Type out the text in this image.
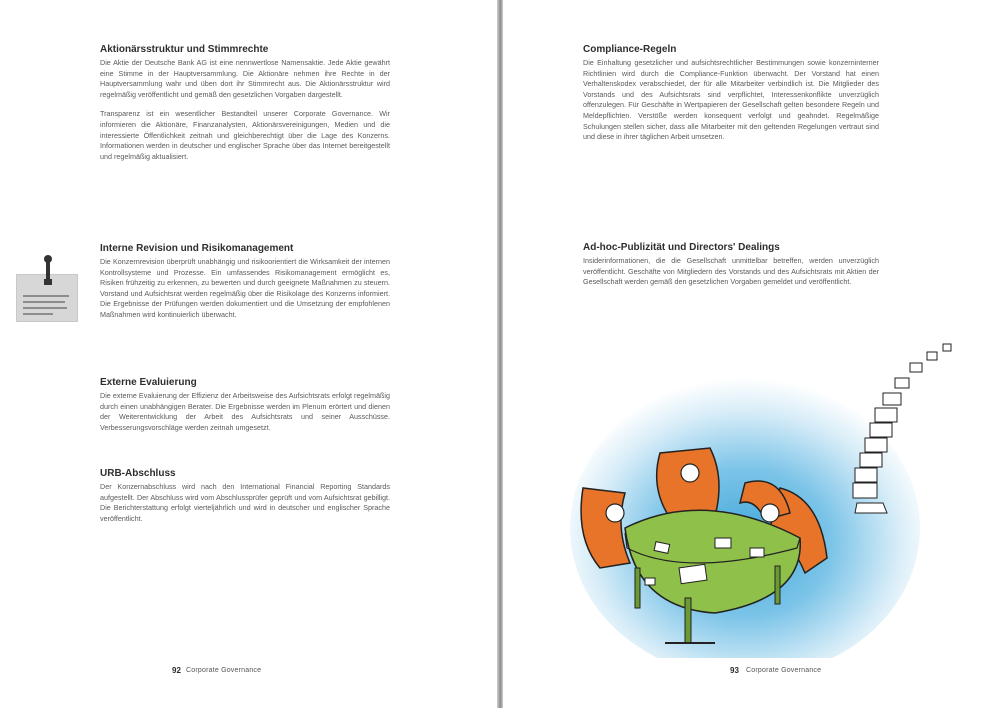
Aktionärsstruktur und Stimmrechte
Die Aktie der Deutsche Bank AG ist eine nennwertlose Namensaktie. Jede Aktie gewährt eine Stimme in der Hauptversammlung. Die Aktionäre nehmen ihre Rechte in der Hauptversammlung wahr und üben dort ihr Stimmrecht aus. Die Aktionärsstruktur wird regelmäßig veröffentlicht und gemäß den gesetzlichen Vorgaben dargestellt.
Transparenz ist ein wesentlicher Bestandteil unserer Corporate Governance. Wir informieren die Aktionäre, Finanzanalysten, Aktionärsvereinigungen, Medien und die interessierte Öffentlichkeit zeitnah und gleichberechtigt über die Lage des Konzerns. Informationen werden in deutscher und englischer Sprache über das Internet bereitgestellt und regelmäßig aktualisiert.
Interne Revision und Risikomanagement
Die Konzernrevision überprüft unabhängig und risikoorientiert die Wirksamkeit der internen Kontrollsysteme und Prozesse. Ein umfassendes Risikomanagement ermöglicht es, Risiken frühzeitig zu erkennen, zu bewerten und durch geeignete Maßnahmen zu steuern. Vorstand und Aufsichtsrat werden regelmäßig über die Risikolage des Konzerns informiert. Die Ergebnisse der Prüfungen werden dokumentiert und die Umsetzung der empfohlenen Maßnahmen wird kontinuierlich überwacht.
Externe Evaluierung
Die externe Evaluierung der Effizienz der Arbeitsweise des Aufsichtsrats erfolgt regelmäßig durch einen unabhängigen Berater. Die Ergebnisse werden im Plenum erörtert und dienen der Weiterentwicklung der Arbeit des Aufsichtsrats und seiner Ausschüsse. Verbesserungsvorschläge werden zeitnah umgesetzt.
URB-Abschluss
Der Konzernabschluss wird nach den International Financial Reporting Standards aufgestellt. Der Abschluss wird vom Abschlussprüfer geprüft und vom Aufsichtsrat gebilligt. Die Berichterstattung erfolgt vierteljährlich und wird in deutscher und englischer Sprache veröffentlicht.
92 Corporate Governance
Compliance-Regeln
Die Einhaltung gesetzlicher und aufsichtsrechtlicher Bestimmungen sowie konzerninterner Richtlinien wird durch die Compliance-Funktion überwacht. Der Vorstand hat einen Verhaltenskodex verabschiedet, der für alle Mitarbeiter verbindlich ist. Die Mitglieder des Vorstands und des Aufsichtsrats sind verpflichtet, Interessenkonflikte unverzüglich offenzulegen. Für Geschäfte in Wertpapieren der Gesellschaft gelten besondere Regeln und Meldepflichten. Verstöße werden konsequent verfolgt und geahndet. Regelmäßige Schulungen stellen sicher, dass alle Mitarbeiter mit den geltenden Regelungen vertraut sind und diese in ihrer täglichen Arbeit umsetzen.
Ad-hoc-Publizität und Directors' Dealings
Insiderinformationen, die die Gesellschaft unmittelbar betreffen, werden unverzüglich veröffentlicht. Geschäfte von Mitgliedern des Vorstands und des Aufsichtsrats mit Aktien der Gesellschaft werden gemäß den gesetzlichen Vorgaben gemeldet und veröffentlicht.
93 Corporate Governance
